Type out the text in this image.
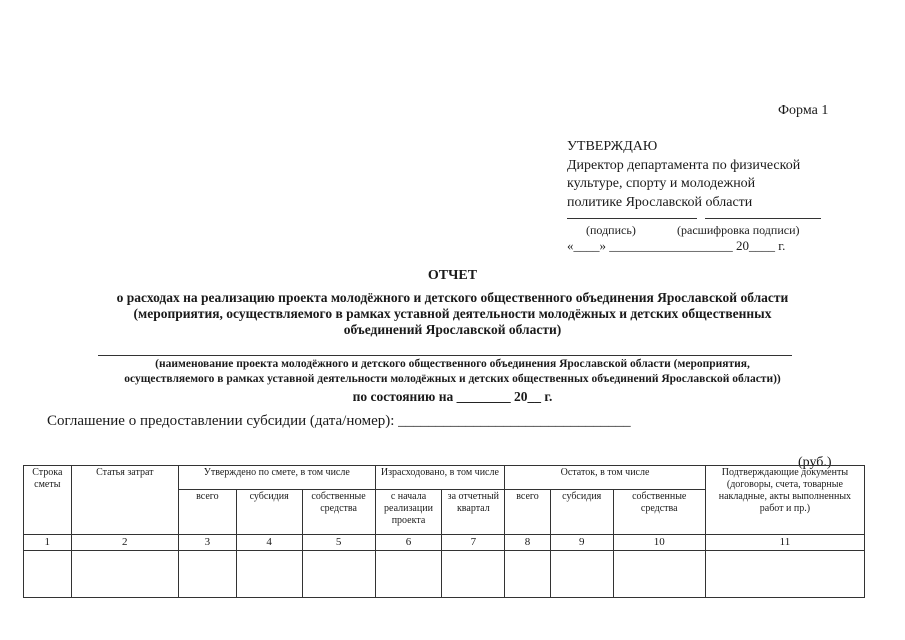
Форма 1
УТВЕРЖДАЮ
Директор департамента по физической
культуре, спорту и молодежной
политике Ярославской области
(подпись)	(расшифровка подписи)
«____» ___________________ 20____ г.
ОТЧЕТ
о расходах на реализацию проекта молодёжного и детского общественного объединения Ярославской области
(мероприятия, осуществляемого в рамках уставной деятельности молодёжных и детских общественных
объединений Ярославской области)
(наименование проекта молодёжного и детского общественного объединения Ярославской области (мероприятия,
осуществляемого в рамках уставной деятельности молодёжных и детских общественных объединений Ярославской области))
по состоянию на ________ 20__ г.
Соглашение о предоставлении субсидии (дата/номер): _______________________________
(руб.)
Строка сметы	Статья затрат	Утверждено по смете, в том числе			Израсходовано, в том числе		Остаток, в том числе			Подтверждающие документы (договоры, счета, товарные накладные, акты выполненных работ и пр.)
		всего	субсидия	собственные средства	с начала реализации проекта	за отчетный квартал	всего	субсидия	собственные средства	
1	2	3	4	5	6	7	8	9	10	11
